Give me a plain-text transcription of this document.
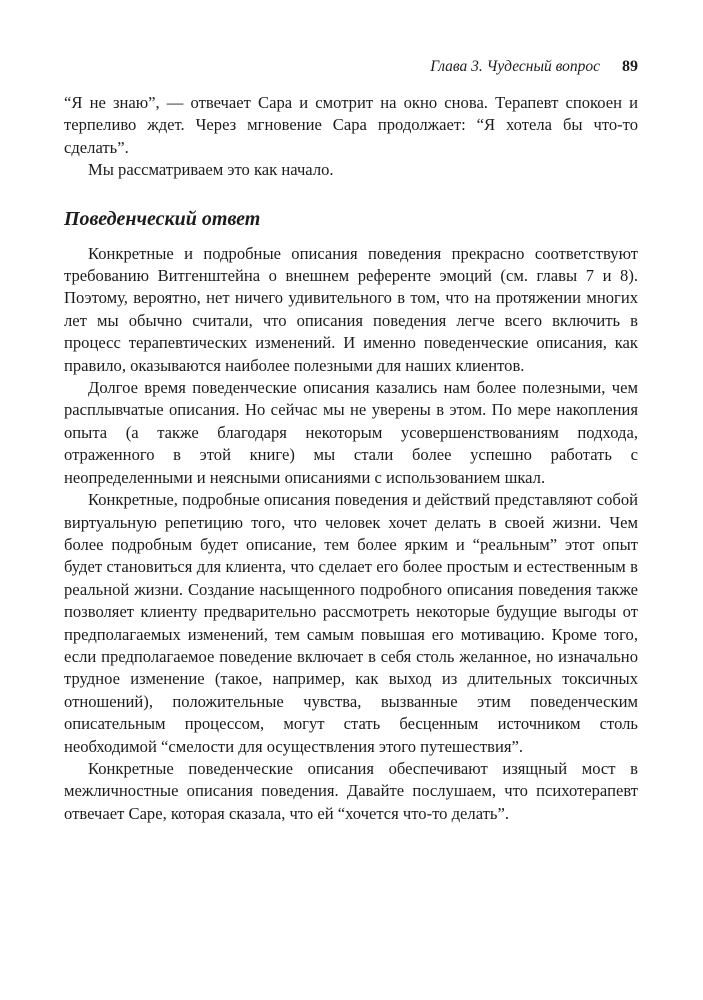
Глава 3. Чудесный вопрос 89

“Я не знаю”, — отвечает Сара и смотрит на окно снова. Терапевт спокоен и терпеливо ждет. Через мгновение Сара продолжает: “Я хотела бы что-то сделать”.

Мы рассматриваем это как начало.

Поведенческий ответ

Конкретные и подробные описания поведения прекрасно соответствуют требованию Витгенштейна о внешнем референте эмоций (см. главы 7 и 8). Поэтому, вероятно, нет ничего удивительного в том, что на протяжении многих лет мы обычно считали, что описания поведения легче всего включить в процесс терапевтических изменений. И именно поведенческие описания, как правило, оказываются наиболее полезными для наших клиентов.

Долгое время поведенческие описания казались нам более полезными, чем расплывчатые описания. Но сейчас мы не уверены в этом. По мере накопления опыта (а также благодаря некоторым усовершенствованиям подхода, отраженного в этой книге) мы стали более успешно работать с неопределенными и неясными описаниями с использованием шкал.

Конкретные, подробные описания поведения и действий представляют собой виртуальную репетицию того, что человек хочет делать в своей жизни. Чем более подробным будет описание, тем более ярким и “реальным” этот опыт будет становиться для клиента, что сделает его более простым и естественным в реальной жизни. Создание насыщенного подробного описания поведения также позволяет клиенту предварительно рассмотреть некоторые будущие выгоды от предполагаемых изменений, тем самым повышая его мотивацию. Кроме того, если предполагаемое поведение включает в себя столь желанное, но изначально трудное изменение (такое, например, как выход из длительных токсичных отношений), положительные чувства, вызванные этим поведенческим описательным процессом, могут стать бесценным источником столь необходимой “смелости для осуществления этого путешествия”.

Конкретные поведенческие описания обеспечивают изящный мост в межличностные описания поведения. Давайте послушаем, что психотерапевт отвечает Саре, которая сказала, что ей “хочется что-то делать”.
